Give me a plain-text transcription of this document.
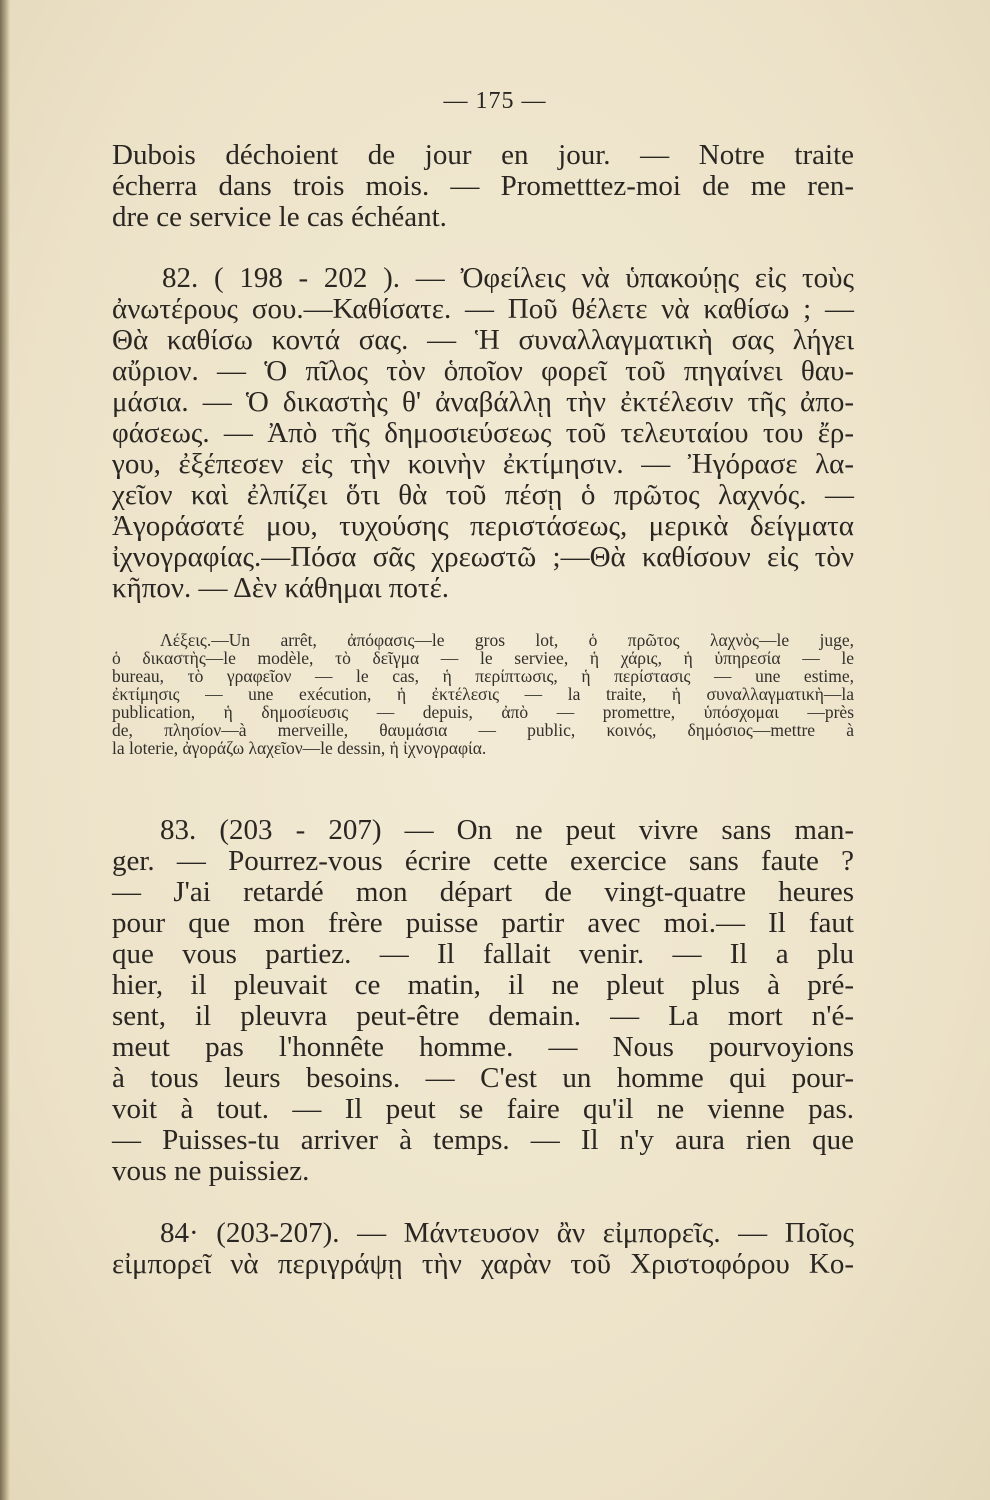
— 175 —
Dubois déchoient de jour en jour. — Notre traite
écherra dans trois mois. — Prometttez-moi de me ren-
dre ce service le cas échéant.
82. ( 198 - 202 ). — Ὀφείλεις νὰ ὑπακούῃς εἰς τοὺς
ἀνωτέρους σου.—Καθίσατε. — Ποῦ θέλετε νὰ καθίσω ; —
Θὰ καθίσω κοντά σας. — Ἡ συναλλαγματικὴ σας λήγει
αὔριον. — Ὁ πῖλος τὸν ὁποῖον φορεῖ τοῦ πηγαίνει θαυ-
μάσια. — Ὁ δικαστὴς θ' ἀναβάλλῃ τὴν ἐκτέλεσιν τῆς ἀπο-
φάσεως. — Ἀπὸ τῆς δημοσιεύσεως τοῦ τελευταίου του ἔρ-
γου, ἐξέπεσεν εἰς τὴν κοινὴν ἐκτίμησιν. — Ἠγόρασε λα-
χεῖον καὶ ἐλπίζει ὅτι θὰ τοῦ πέσῃ ὁ πρῶτος λαχνός. —
Ἀγοράσατέ μου, τυχούσης περιστάσεως, μερικὰ δείγματα
ἰχνογραφίας.—Πόσα σᾶς χρεωστῶ ;—Θὰ καθίσουν εἰς τὸν
κῆπον. — Δὲν κάθημαι ποτέ.
Λέξεις.—Un arrêt, ἀπόφασις—le gros lot, ὁ πρῶτος λαχνὸς—le juge,
ὁ δικαστὴς—le modèle, τὸ δεῖγμα — le serviee, ἡ χάρις, ἡ ὑπηρεσία — le
bureau, τὸ γραφεῖον — le cas, ἡ περίπτωσις, ἡ περίστασις — une estime,
ἐκτίμησις — une exécution, ἡ ἐκτέλεσις — la traite, ἡ συναλλαγματικὴ—la
publication, ἡ δημοσίευσις — depuis, ἀπὸ — promettre, ὑπόσχομαι —près
de, πλησίον—à merveille, θαυμάσια — public, κοινός, δημόσιος—mettre à
la loterie, ἀγοράζω λαχεῖον—le dessin, ἡ ἰχνογραφία.
83. (203 - 207) — On ne peut vivre sans man-
ger. — Pourrez-vous écrire cette exercice sans faute ?
— J'ai retardé mon départ de vingt-quatre heures
pour que mon frère puisse partir avec moi.— Il faut
que vous partiez. — Il fallait venir. — Il a plu
hier, il pleuvait ce matin, il ne pleut plus à pré-
sent, il pleuvra peut-être demain. — La mort n'é-
meut pas l'honnête homme. — Nous pourvoyions
à tous leurs besoins. — C'est un homme qui pour-
voit à tout. — Il peut se faire qu'il ne vienne pas.
— Puisses-tu arriver à temps. — Il n'y aura rien que
vous ne puissiez.
84· (203-207). — Μάντευσον ἂν εἰμπορεῖς. — Ποῖος
εἰμπορεῖ νὰ περιγράψῃ τὴν χαρὰν τοῦ Χριστοφόρου Κο-
